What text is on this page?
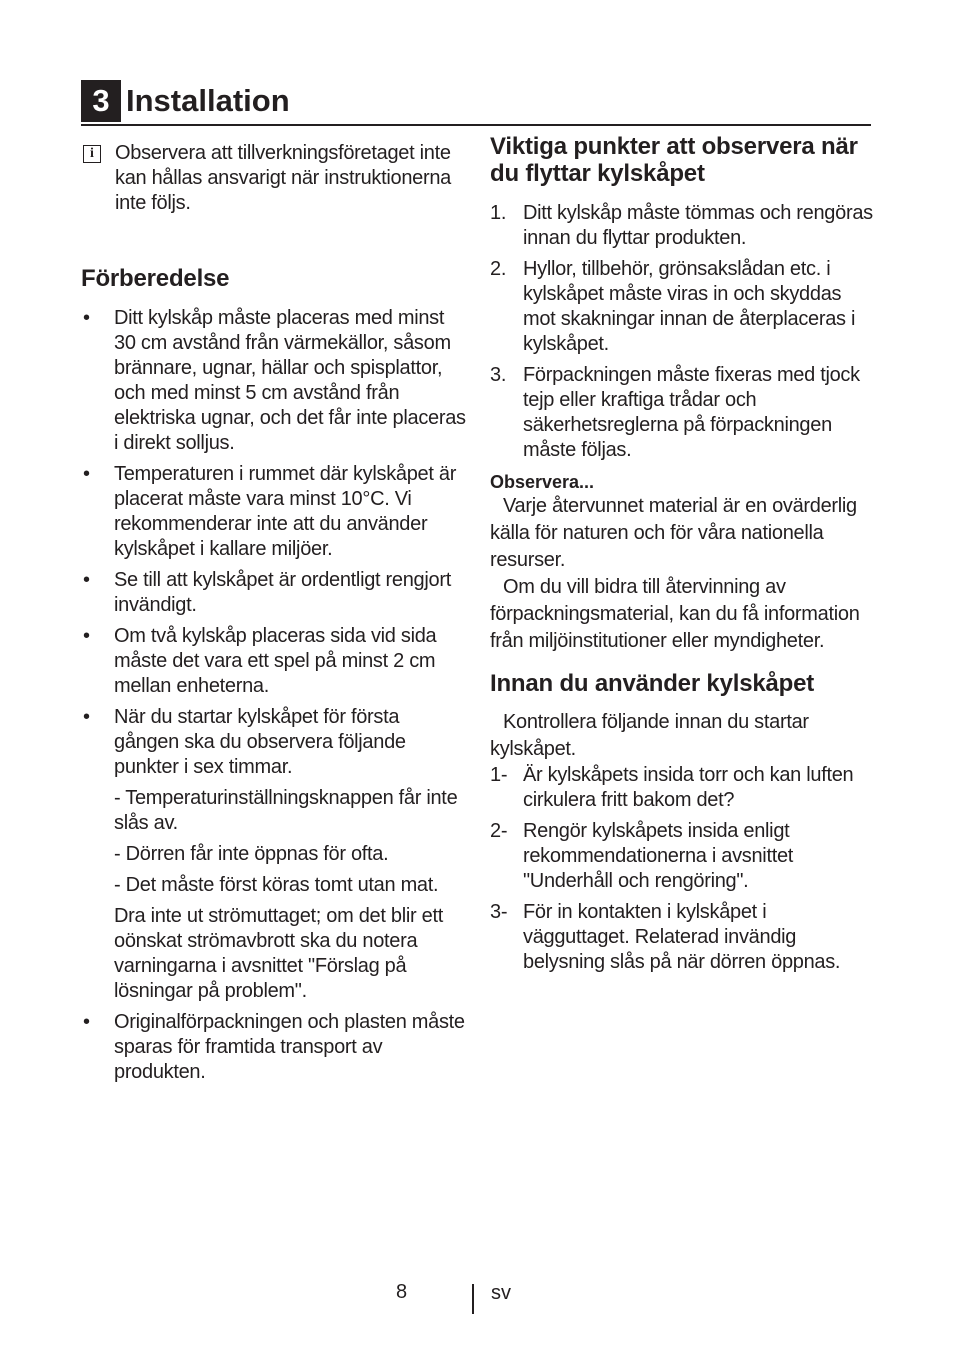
3 Installation
i	Observera att tillverkningsföretaget inte kan hållas ansvarigt när instruktionerna inte följs.

Förberedelse
• Ditt kylskåp måste placeras med minst 30 cm avstånd från värmekällor, såsom brännare, ugnar, hällar och spisplattor, och med minst 5 cm avstånd från elektriska ugnar, och det får inte placeras i direkt solljus.
• Temperaturen i rummet där kylskåpet är placerat måste vara minst 10°C. Vi rekommenderar inte att du använder kylskåpet i kallare miljöer.
• Se till att kylskåpet är ordentligt rengjort invändigt.
• Om två kylskåp placeras sida vid sida måste det vara ett spel på minst 2 cm mellan enheterna.
• När du startar kylskåpet för första gången ska du observera följande punkter i sex timmar.

- Temperaturinställningsknappen får inte slås av.

- Dörren får inte öppnas för ofta.

- Det måste först köras tomt utan mat.

Dra inte ut strömuttaget; om det blir ett oönskat strömavbrott ska du notera varningarna i avsnittet "Förslag på lösningar på problem".

• Originalförpackningen och plasten måste sparas för framtida transport av produkten.
Viktiga punkter att observera när du flyttar kylskåpet
1. Ditt kylskåp måste tömmas och rengöras innan du flyttar produkten.
2. Hyllor, tillbehör, grönsakslådan etc. i kylskåpet måste viras in och skyddas mot skakningar innan de återplaceras i kylskåpet.
3. Förpackningen måste fixeras med tjock tejp eller kraftiga trådar och säkerhetsreglerna på förpackningen måste följas.
Observera...

Varje återvunnet material är en ovärderlig källa för naturen och för våra nationella resurser.

Om du vill bidra till återvinning av förpackningsmaterial, kan du få information från miljöinstitutioner eller myndigheter.

Innan du använder kylskåpet

Kontrollera följande innan du startar kylskåpet.

1- Är kylskåpets insida torr och kan luften cirkulera fritt bakom det?
2- Rengör kylskåpets insida enligt rekommendationerna i avsnittet "Underhåll och rengöring".
3- För in kontakten i kylskåpet i vägguttaget. Relaterad invändig belysning slås på när dörren öppnas.
8	sv
